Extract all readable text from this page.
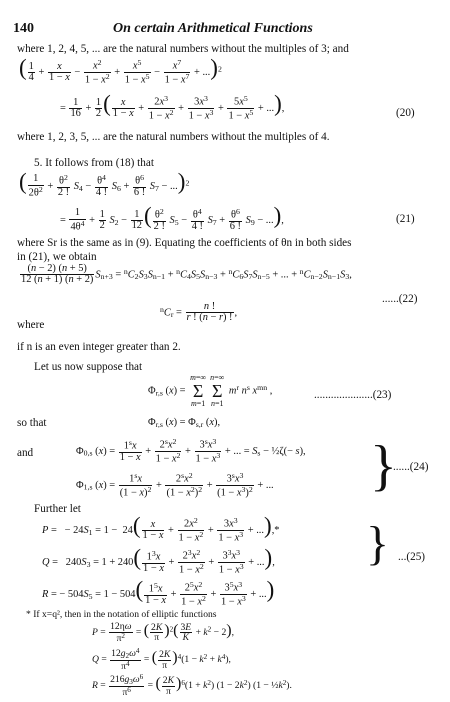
140	On certain Arithmetical Functions
where 1, 2, 4, 5, ... are the natural numbers without the multiples of 3; and
( $\frac{1}{4} + \frac{x}{1 - x} - \frac{x^2}{1 - x^2} + \frac{x^5}{1 - x^5} - \frac{x^7}{1 - x^7} + ...)^2$
= $\frac{1}{16} + \frac{1}{2}$ ( $\frac{x}{1 - x} + \frac{2x^3}{1 - x^2} + \frac{3x^3}{1 - x^3} + \frac{5x^5}{1 - x^5}$ + ...),	(20)
where 1, 2, 3, 5, ... are the natural numbers without the multiples of 4.
5. It follows from (18) that
( $\frac{1}{2\theta^2} + \frac{\theta^2}{2 !} S_4 - \frac{\theta^4}{4 !} S_6 + \frac{\theta^6}{6 !} S_7 - ...)^2$
= $\frac{1}{4\theta^4} + \frac{1}{2} S_2 - \frac{1}{12}$ ( $\frac{\theta^2}{2 !} S_5 - \frac{\theta^4}{4 !} S_7 + \frac{\theta^6}{6 !} S_9$ − ...),	(21)
where Sr is the same as in (9). Equating the coefficients of θn in both sides
in (21), we obtain
$\frac{(n - 2) (n + 5)}{12 (n + 1) (n + 2)} S_{n+3} = ^nC_2S_3S_{n-1} + ^nC_4S_5S_{n-3} + ^nC_6S_7S_{n-5}$ + ... + $^nC_{n-2}S_{n-1}S_3$,
......(22)
where
$^nC_r = \frac{n !}{r ! (n - r) !}$ ,
if n is an even integer greater than 2.
Let us now suppose that
$\Phi_{r,s}$ (x) =
m=∞
Σ
m=1
n=∞
Σ
n=1
$m^r$ $n^s$ $x^{mn}$ ,	.....................(23)
so that	$\Phi_{r,s}$ $(x) = \Phi_{s,r}$ (x),
and	$\Phi_{0,s}$ $(x) = \frac{1^sx}{1 - x} + \frac{2^sx^2}{1 - x^2} + \frac{3^sx^3}{1 - x^3}$ + ... = $S_s$ − ½ζ(− s),
$\Phi_{1,s}$ $(x) = \frac{1^sx}{(1 - x)^2} + \frac{2^sx^2}{(1 - x^2)^2} + \frac{3^sx^3}{(1 - x^3)^2}$ + ... }
......(24)
Further let
P =   − $24S_1 = 1 - 24( \frac{x}{1 - x} + \frac{2x^2}{1 - x^2} + \frac{3x^3}{1 - x^3}$ + ...),*
$Q = 240S_3 = 1 + 240( \frac{1^3x}{1 - x} + \frac{2^3x^2}{1 - x^2} + \frac{3^3x^3}{1 - x^3}$ + ...),
R = − $504S_5 = 1 - 504( \frac{1^5x}{1 - x} + \frac{2^5x^2}{1 - x^2} + \frac{3^5x^3}{1 - x^3}$ + ...)
} ...(25)
* If x=q², then in the notation of elliptic functions
$P = \frac{12\eta\omega}{\pi^2}$ = ( $\frac{2K}{\pi} )^2( \frac{3E}{K} + k^2 - 2)$,
$Q = \frac{12g_2\omega^4}{\pi^4}$ = ( $\frac{2K}{\pi} )^4(1 - k^2 + k^4)$,
$R = \frac{216g_3\omega^6}{\pi^6}$ = ( $\frac{2K}{\pi} )^6(1 + k^2)$ $(1 - 2k^2)$ $(1 - \frac{1}{2}k^2)$.
